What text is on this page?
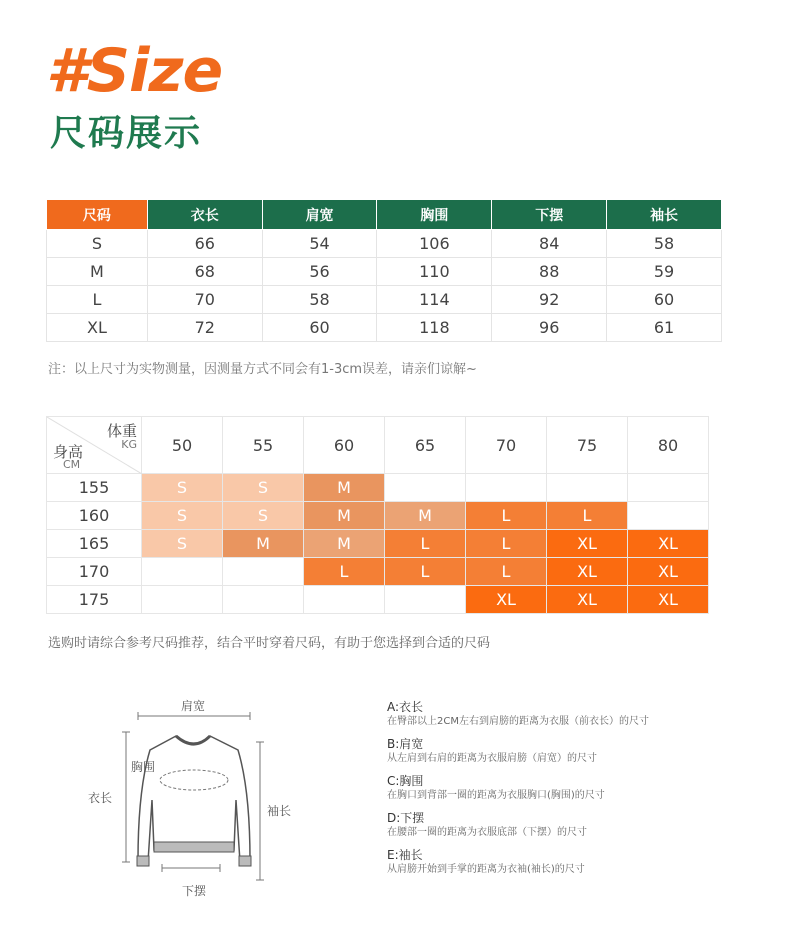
#Size
尺码展示
尺码	衣长	肩宽	胸围	下摆	袖长
S	66	54	106	84	58
M	68	56	110	88	59
L	70	58	114	92	60
XL	72	60	118	96	61
注：以上尺寸为实物测量，因测量方式不同会有1-3cm误差，请亲们谅解~
体重
KG
身高
CM	50	55	60	65	70	75	80
155	S	S	M				
160	S	S	M	M	L	L	
165	S	M	M	L	L	XL	XL
170			L	L	L	XL	XL
175					XL	XL	XL
选购时请综合参考尺码推荐，结合平时穿着尺码，有助于您选择到合适的尺码
肩宽
胸围
衣长
袖长
下摆
A:衣长
在臀部以上2CM左右到肩膀的距离为衣服（前衣长）的尺寸
B:肩宽
从左肩到右肩的距离为衣服肩膀（肩宽）的尺寸
C:胸围
在胸口到背部一圈的距离为衣服胸口(胸围)的尺寸
D:下摆
在腰部一圈的距离为衣服底部（下摆）的尺寸
E:袖长
从肩膀开始到手掌的距离为衣袖(袖长)的尺寸
